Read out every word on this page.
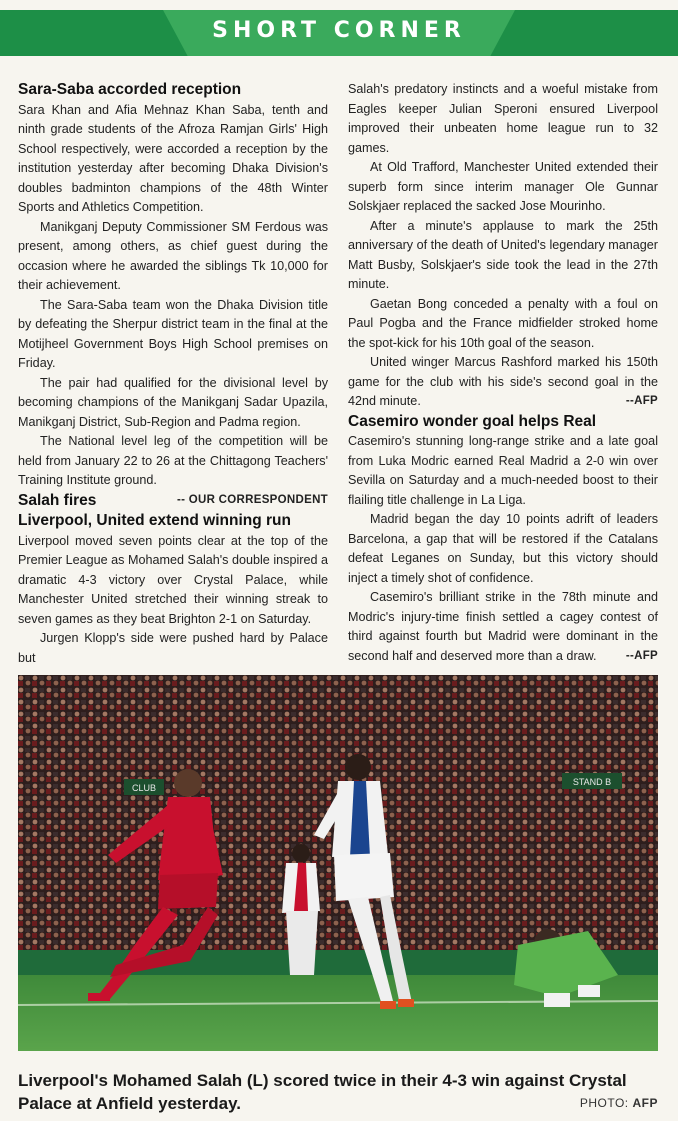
SHORT CORNER
Sara-Saba accorded reception

Sara Khan and Afia Mehnaz Khan Saba, tenth and ninth grade students of the Afroza Ramjan Girls' High School respectively, were accorded a reception by the institution yesterday after becoming Dhaka Division's doubles badminton champions of the 48th Winter Sports and Athletics Competition.

Manikganj Deputy Commissioner SM Ferdous was present, among others, as chief guest during the occasion where he awarded the siblings Tk 10,000 for their achievement.

The Sara-Saba team won the Dhaka Division title by defeating the Sherpur district team in the final at the Motijheel Government Boys High School premises on Friday.

The pair had qualified for the divisional level by becoming champions of the Manikganj Sadar Upazila, Manikganj District, Sub-Region and Padma region.

The National level leg of the competition will be held from January 22 to 26 at the Chittagong Teachers' Training Institute ground.
-- OUR CORRESPONDENT

Salah fires Liverpool, United extend winning run

Liverpool moved seven points clear at the top of the Premier League as Mohamed Salah's double inspired a dramatic 4-3 victory over Crystal Palace, while Manchester United stretched their winning streak to seven games as they beat Brighton 2-1 on Saturday.

Jurgen Klopp's side were pushed hard by Palace but

Salah's predatory instincts and a woeful mistake from Eagles keeper Julian Speroni ensured Liverpool improved their unbeaten home league run to 32 games.

At Old Trafford, Manchester United extended their superb form since interim manager Ole Gunnar Solskjaer replaced the sacked Jose Mourinho.

After a minute's applause to mark the 25th anniversary of the death of United's legendary manager Matt Busby, Solskjaer's side took the lead in the 27th minute.

Gaetan Bong conceded a penalty with a foul on Paul Pogba and the France midfielder stroked home the spot-kick for his 10th goal of the season.

United winger Marcus Rashford marked his 150th game for the club with his side's second goal in the 42nd minute.	--AFP

Casemiro wonder goal helps Real

Casemiro's stunning long-range strike and a late goal from Luka Modric earned Real Madrid a 2-0 win over Sevilla on Saturday and a much-needed boost to their flailing title challenge in La Liga.

Madrid began the day 10 points adrift of leaders Barcelona, a gap that will be restored if the Catalans defeat Leganes on Sunday, but this victory should inject a timely shot of confidence.

Casemiro's brilliant strike in the 78th minute and Modric's injury-time finish settled a cagey contest of third against fourth but Madrid were dominant in the second half and deserved more than a draw.	--AFP

CLUB
STAND B
Liverpool's Mohamed Salah (L) scored twice in their 4-3 win against Crystal Palace at Anfield yesterday.	PHOTO: AFP
